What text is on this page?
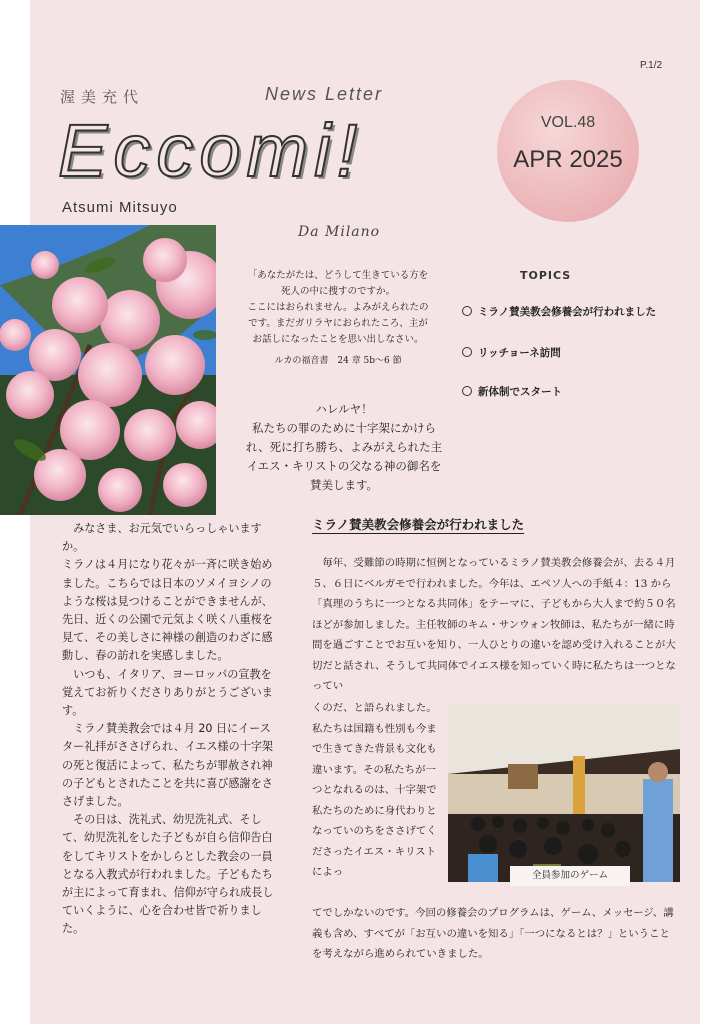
渥美充代	News Letter
Eccomi!
Atsumi Mitsuyo
Da Milano
P.1/2
VOL.48
APR 2025
「あなたがたは、どうして生きている方を
死人の中に捜すのですか。
ここにはおられません。よみがえられたの
です。まだガリラヤにおられたころ、主が
お話しになったことを思い出しなさい。
ルカの福音書　24 章 5b〜6 節
ハレルヤ！
私たちの罪のために十字架にかけら
れ、死に打ち勝ち、よみがえられた主
イエス・キリストの父なる神の御名を
賛美します。
TOPICS
ミラノ賛美教会修養会が行われました
リッチョーネ訪問
新体制でスタート

　みなさま、お元気でいらっしゃいますか。

ミラノは４月になり花々が一斉に咲き始めました。こちらでは日本のソメイヨシノのような桜は見つけることができませんが、先日、近くの公園で元気よく咲く八重桜を見て、その美しさに神様の創造のわざに感動し、春の訪れを実感しました。

　いつも、イタリア、ヨーロッパの宣教を覚えてお祈りくださりありがとうございます。

　ミラノ賛美教会では４月 20 日にイースター礼拝がささげられ、イエス様の十字架の死と復活によって、私たちが罪赦され神の子どもとされたことを共に喜び感謝をささげました。

　その日は、洗礼式、幼児洗礼式、そして、幼児洗礼をした子どもが自ら信仰告白をしてキリストをかしらとした教会の一員となる入教式が行われました。子どもたちが主によって育まれ、信仰が守られ成長していくように、心を合わせ皆で祈りました。

ミラノ賛美教会修養会が行われました
　毎年、受難節の時期に恒例となっているミラノ賛美教会修養会が、去る４月５、６日にベルガモで行われました。今年は、エペソ人への手紙４：13 から「真理のうちに一つとなる共同体」をテーマに、子どもから大人まで約５０名ほどが参加しました。主任牧師のキム・サンウォン牧師は、私たちが一緒に時間を過ごすことでお互いを知り、一人ひとりの違いを認め受け入れることが大切だと話され、そうして共同体でイエス様を知っていく時に私たちは一つとなってい
くのだ、と語られました。私たちは国籍も性別も今まで生きてきた背景も文化も違います。その私たちが一つとなれるのは、十字架で私たちのために身代わりとなっていのちをささげてくださったイエス・キリストによっ	全員参加のゲーム
てでしかないのです。今回の修養会のプログラムは、ゲーム、メッセージ、講義も含め、すべてが「お互いの違いを知る」「一つになるとは？」ということを考えながら進められていきました。
